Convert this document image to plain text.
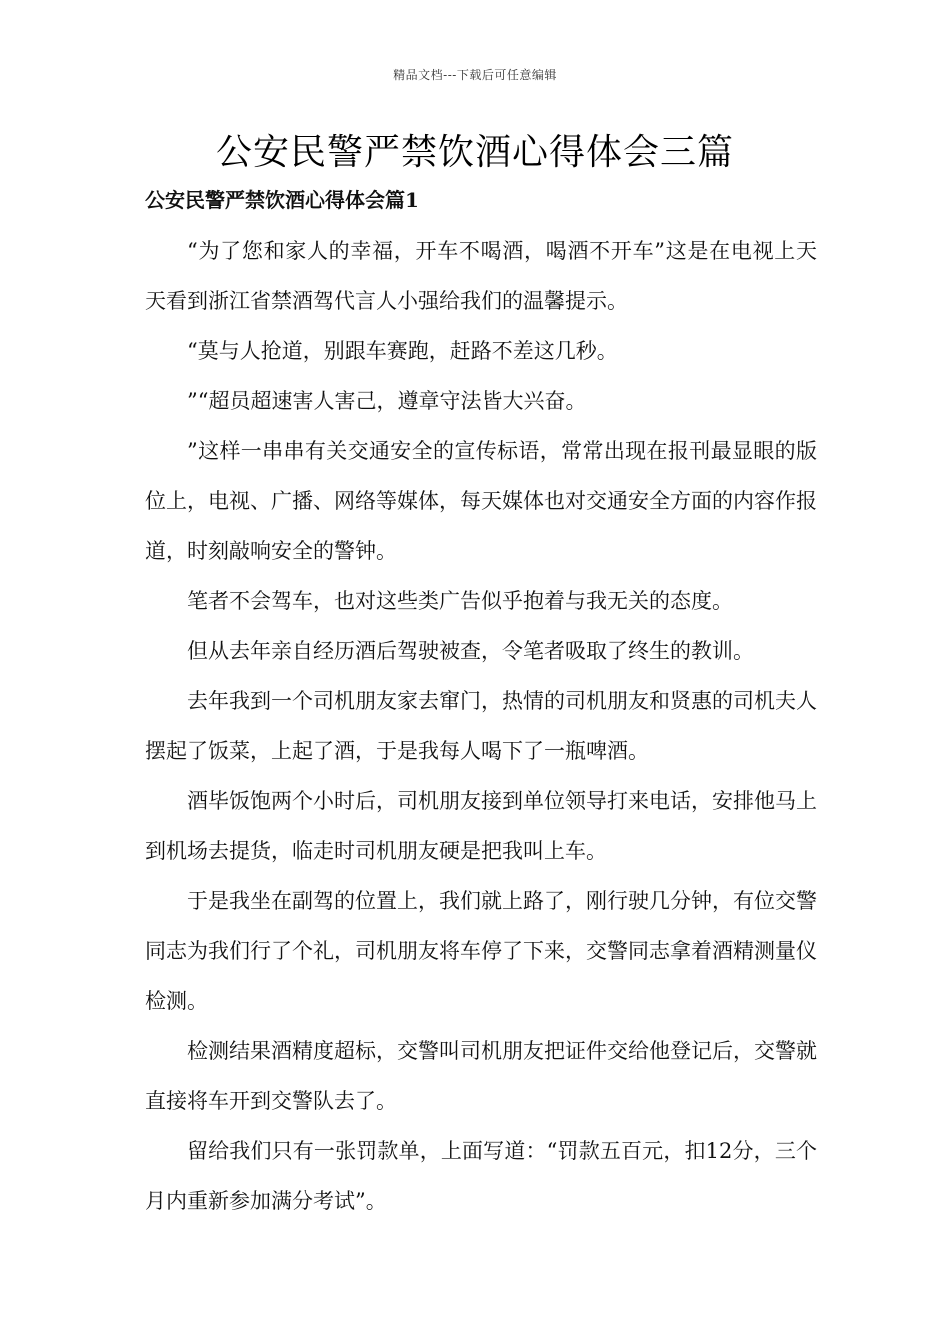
精品文档---下载后可任意编辑
公安民警严禁饮酒心得体会三篇
公安民警严禁饮酒心得体会篇1

“为了您和家人的幸福，开车不喝酒，喝酒不开车”这是在电视上天天看到浙江省禁酒驾代言人小强给我们的温馨提示。

“莫与人抢道，别跟车赛跑，赶路不差这几秒。

”“超员超速害人害己，遵章守法皆大兴奋。

”这样一串串有关交通安全的宣传标语，常常出现在报刊最显眼的版位上，电视、广播、网络等媒体，每天媒体也对交通安全方面的内容作报道，时刻敲响安全的警钟。

笔者不会驾车，也对这些类广告似乎抱着与我无关的态度。

但从去年亲自经历酒后驾驶被查，令笔者吸取了终生的教训。

去年我到一个司机朋友家去窜门，热情的司机朋友和贤惠的司机夫人摆起了饭菜，上起了酒，于是我每人喝下了一瓶啤酒。

酒毕饭饱两个小时后，司机朋友接到单位领导打来电话，安排他马上到机场去提货，临走时司机朋友硬是把我叫上车。

于是我坐在副驾的位置上，我们就上路了，刚行驶几分钟，有位交警同志为我们行了个礼，司机朋友将车停了下来，交警同志拿着酒精测量仪检测。

检测结果酒精度超标，交警叫司机朋友把证件交给他登记后，交警就直接将车开到交警队去了。

留给我们只有一张罚款单，上面写道：“罚款五百元，扣12分，三个月内重新参加满分考试”。
